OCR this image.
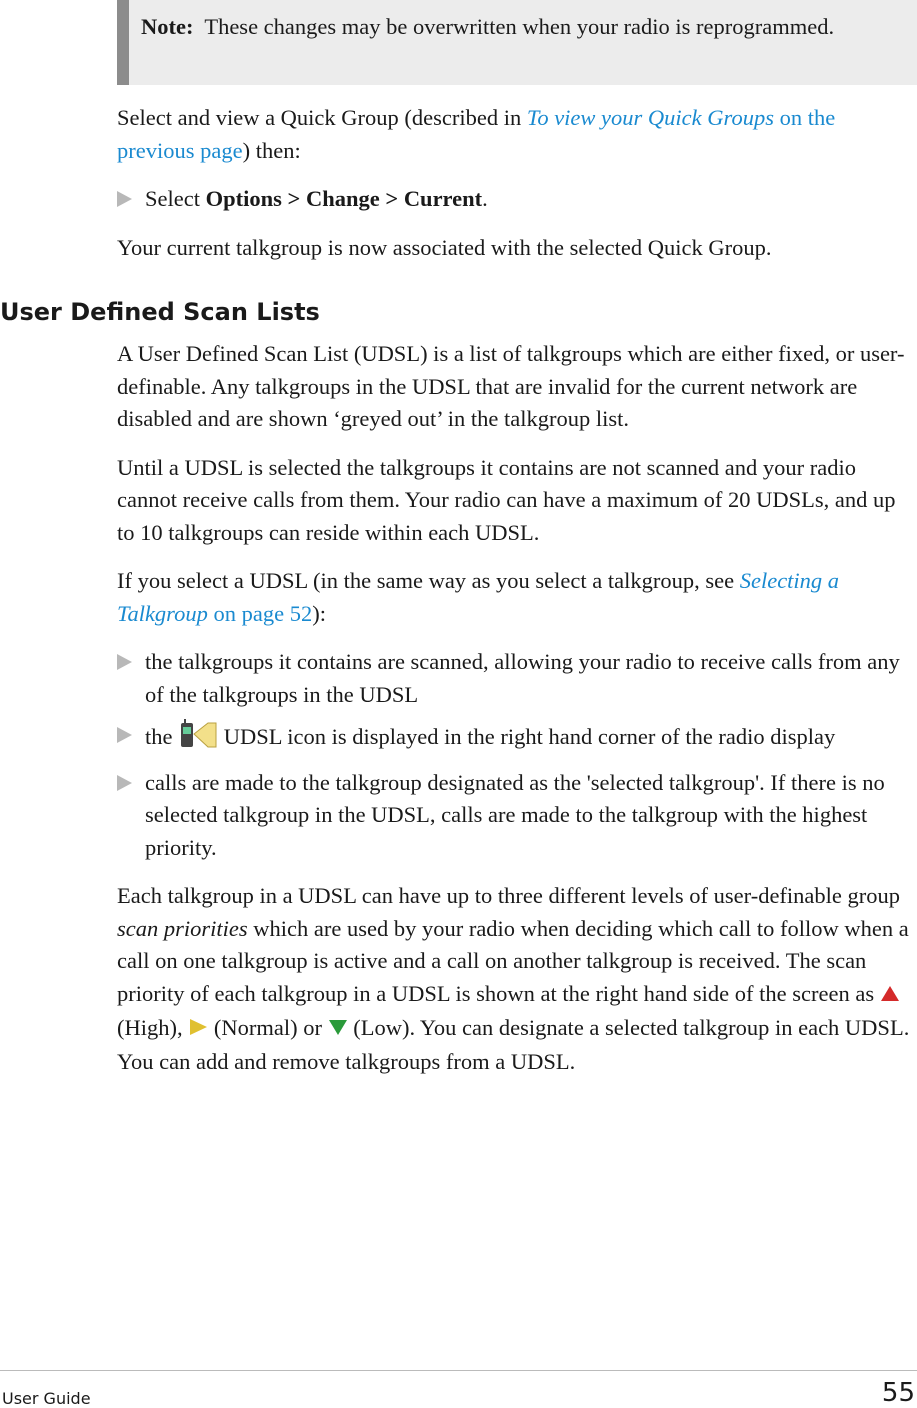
Note: These changes may be overwritten when your radio is reprogrammed.

Select and view a Quick Group (described in To view your Quick Groups on the previous page) then:

Select Options > Change > Current.

Your current talkgroup is now associated with the selected Quick Group.

User Defined Scan Lists

A User Defined Scan List (UDSL) is a list of talkgroups which are either fixed, or user-definable. Any talkgroups in the UDSL that are invalid for the current network are disabled and are shown ‘greyed out’ in the talkgroup list.

Until a UDSL is selected the talkgroups it contains are not scanned and your radio cannot receive calls from them. Your radio can have a maximum of 20 UDSLs, and up to 10 talkgroups can reside within each UDSL.

If you select a UDSL (in the same way as you select a talkgroup, see Selecting a Talkgroup on page 52):

the talkgroups it contains are scanned, allowing your radio to receive calls from any of the talkgroups in the UDSL
the  UDSL icon is displayed in the right hand corner of the radio display
calls are made to the talkgroup designated as the 'selected talkgroup'. If there is no selected talkgroup in the UDSL, calls are made to the talkgroup with the highest priority.

Each talkgroup in a UDSL can have up to three different levels of user-definable group scan priorities which are used by your radio when deciding which call to follow when a call on one talkgroup is active and a call on another talkgroup is received. The scan priority of each talkgroup in a UDSL is shown at the right hand side of the screen as  (High),  (Normal) or  (Low). You can designate a selected talkgroup in each UDSL. You can add and remove talkgroups from a UDSL.

User Guide	55
